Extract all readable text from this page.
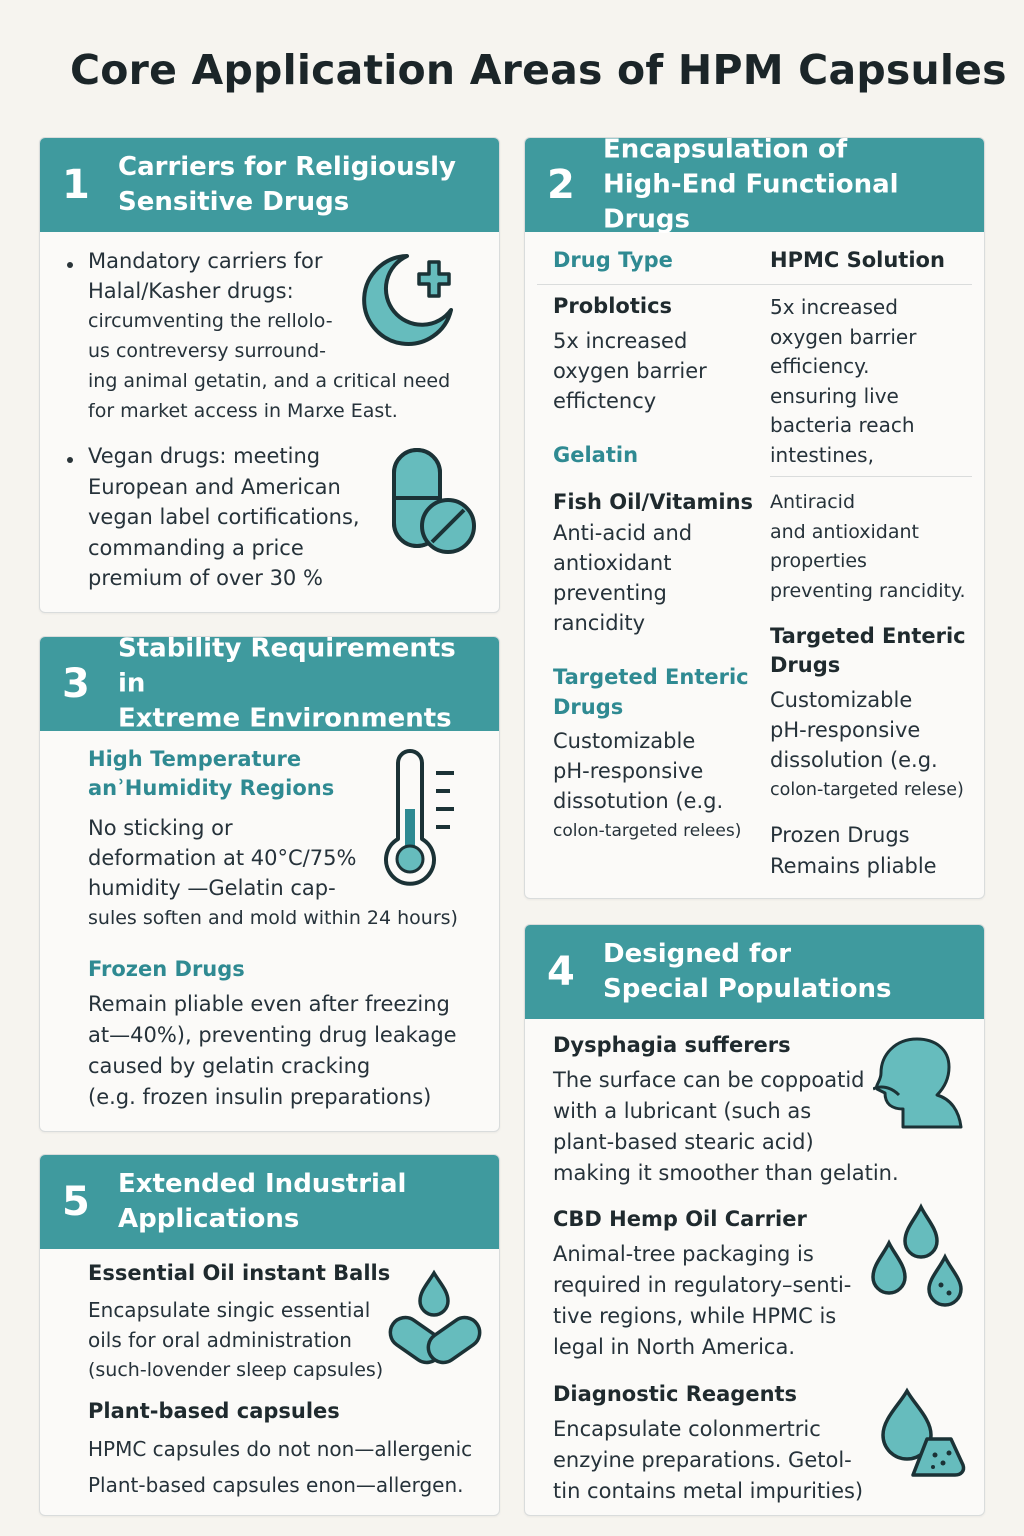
Core Application Areas of HPM Capsules
1 Carriers for Religiously
Sensitive Drugs
Mandatory carriers for
Halal/Kasher drugs:
circumventing the rellolo-
us contreversy surround-
ing animal getatin, and a critical need
for market access in Marxe East.
Vegan drugs: meeting
European and American
vegan label cortifications,
commanding a price
premium of over 30 %
2
Encapsulation of
High-End Functional Drugs
Drug Type	HPMC Solution
Problotics
5x increased
oxygen barrier
effictency
Gelatin
5x increased
oxygen barrier
efficiency.
ensuring live
bacteria reach
intestines,
Fish Oil/Vitamins
Anti-acid and
antioxidant
preventing
rancidity
Antiracid
and antioxidant
properties
preventing rancidity.
Targeted Enteric
Drugs
Customizable
pH-responsive
dissotution (e.g.
colon-targeted relees)
Targeted Enteric
Drugs
Customizable
pH-responsive
dissolution (e.g.
colon-targeted relese)
Prozen Drugs
Remains pliable
3
Stability Requirements in
Extreme Environments
High Temperature
anʾHumidity Regions
No sticking or
deformation at 40°C/75%
humidity —Gelatin cap-
sules soften and mold within 24 hours)
Frozen Drugs
Remain pliable even after freezing
at—40%), preventing drug leakage
caused by gelatin cracking
(e.g. frozen insulin preparations)
4 Designed for
Special Populations
Dysphagia sufferers
The surface can be coppoatid
with a lubricant (such as
plant-based stearic acid)
making it smoother than gelatin.
CBD Hemp Oil Carrier
Animal-tree packaging is
required in regulatory–senti-
tive regions, while HPMC is
legal in North America.
Diagnostic Reagents
Encapsulate colonmertric
enzyine preparations. Getol-
tin contains metal impurities)
5 Extended Industrial
Applications
Essential Oil instant Balls
Encapsulate singic essential
oils for oral administration
(such-lovender sleep capsules)
Plant-based capsules
HPMC capsules do not non—allergenic
Plant-based capsules enon—allergen.
